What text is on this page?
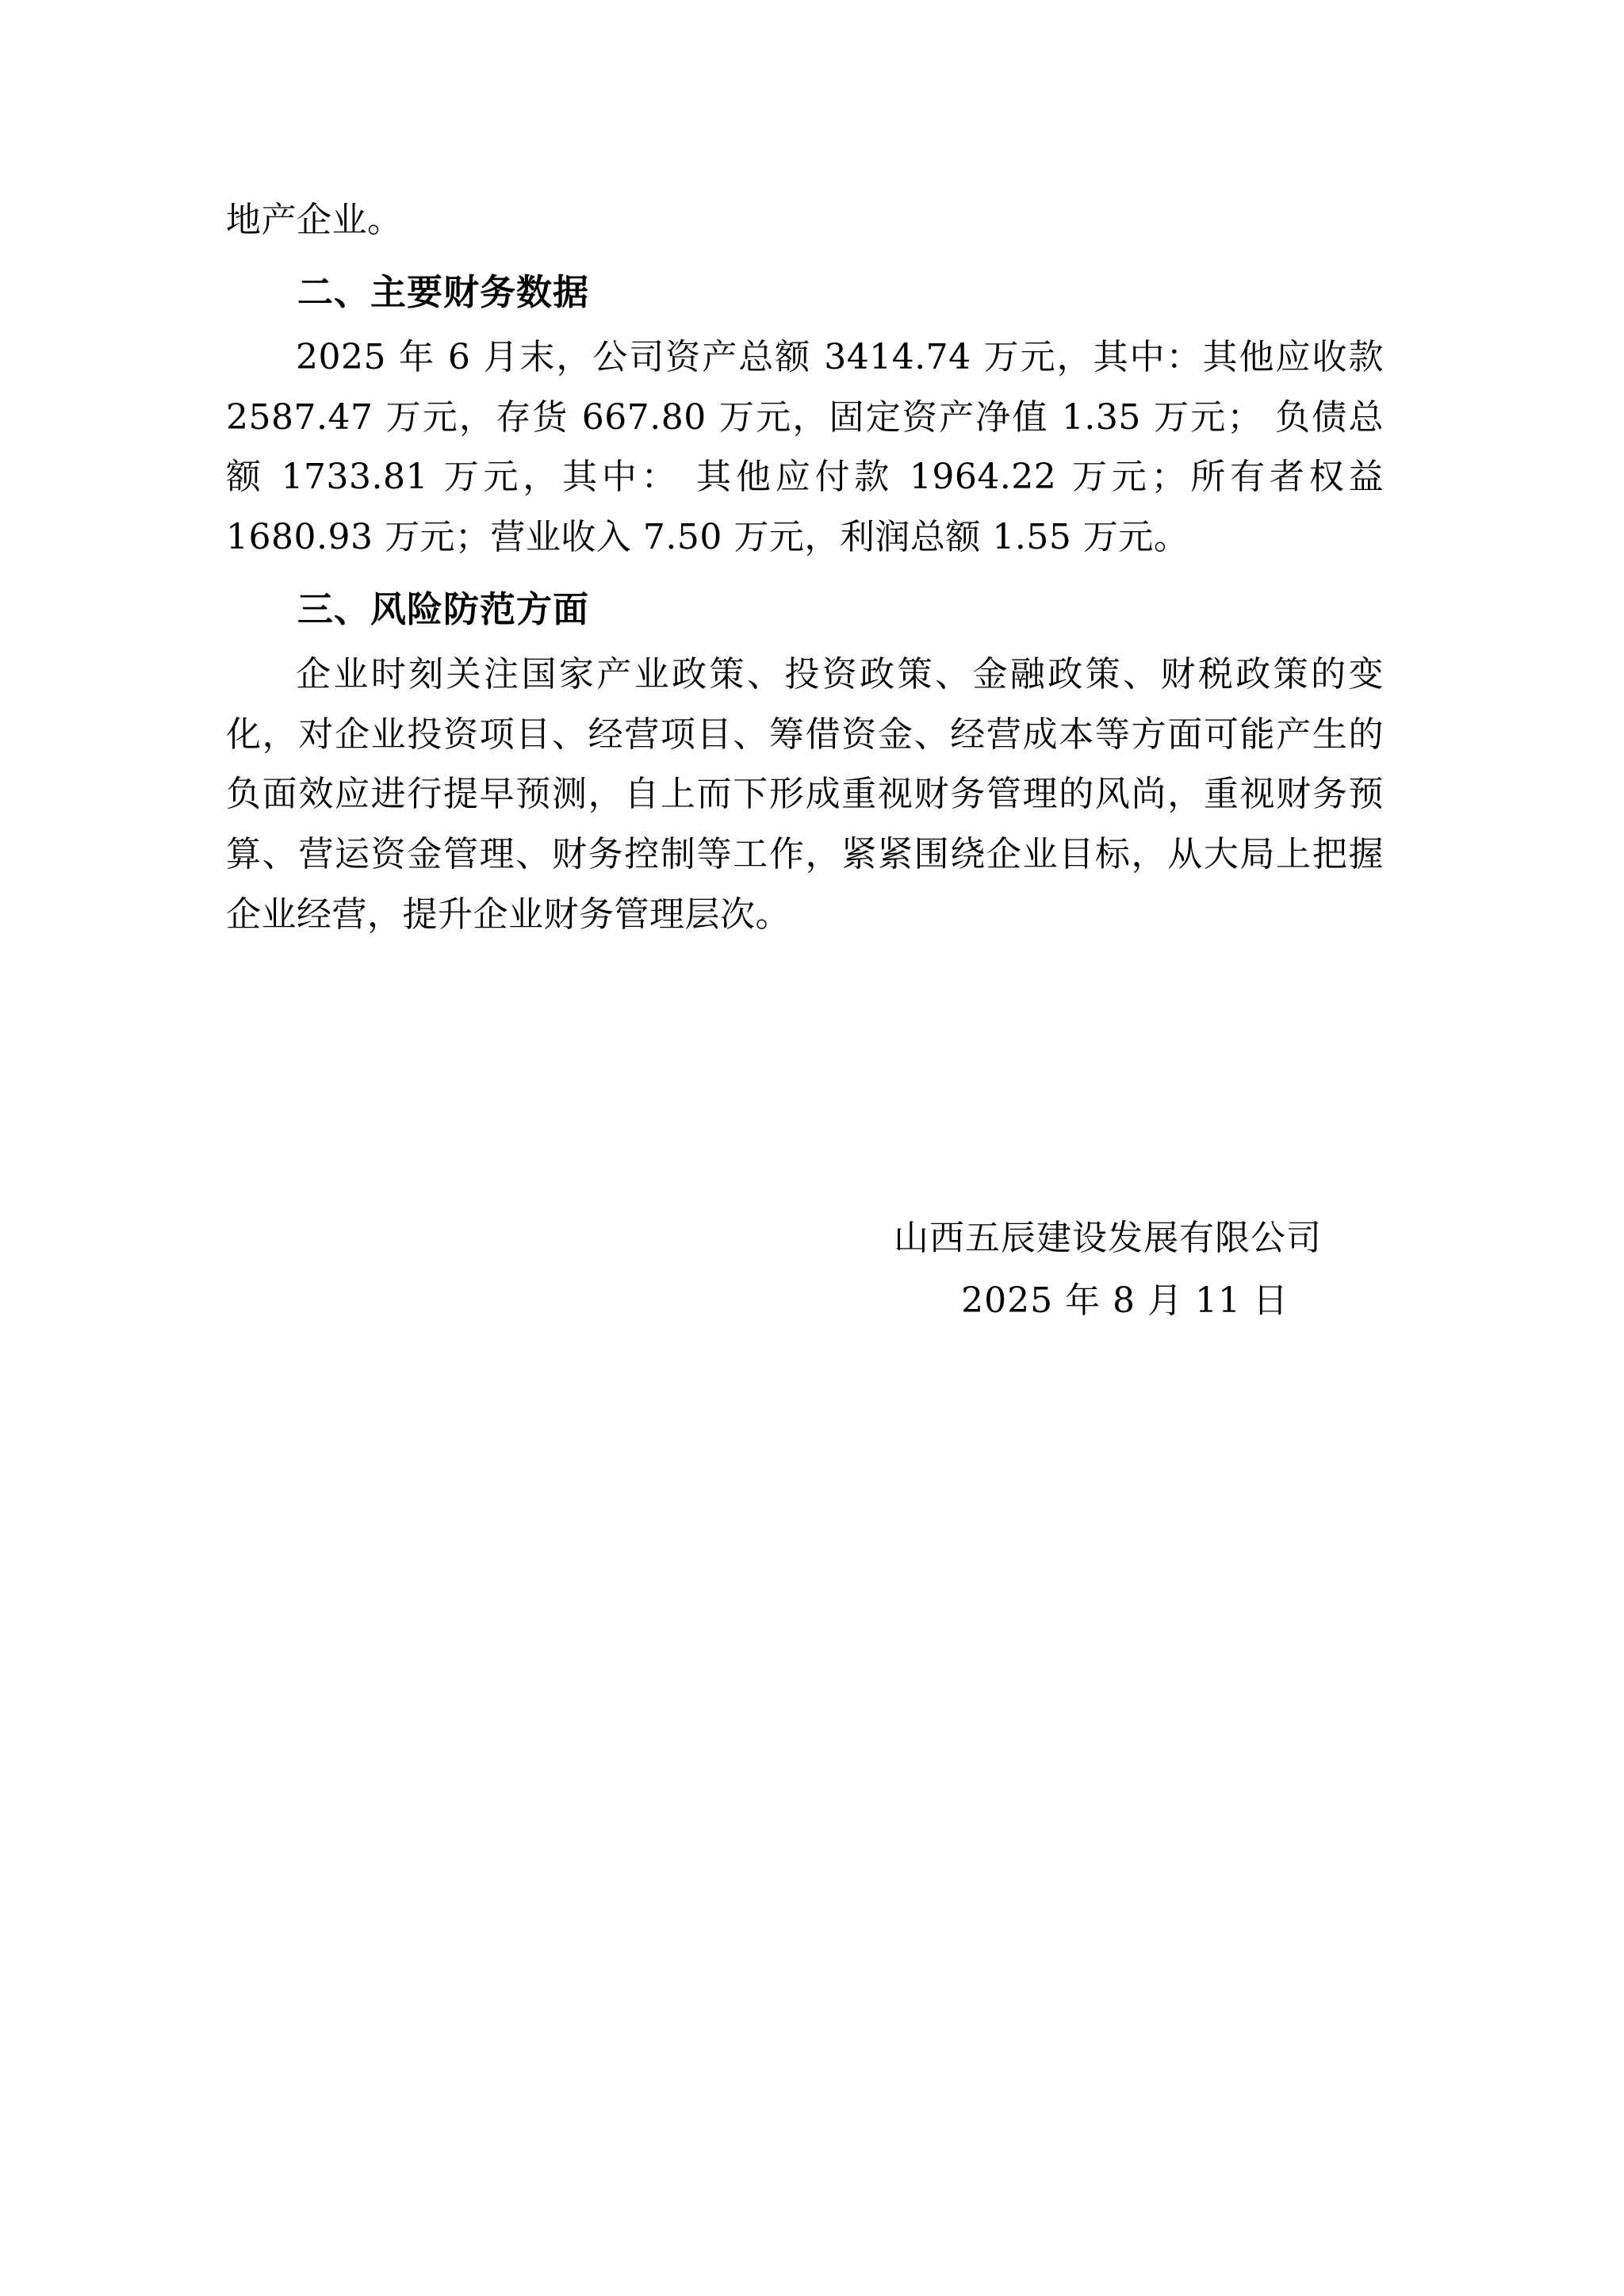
地产企业。

二、主要财务数据

2025 年 6 月末，公司资产总额 3414.74 万元，其中：其他应收款 2587.47 万元，存货 667.80 万元，固定资产净值 1.35 万元； 负债总额 1733.81 万元，其中： 其他应付款 1964.22 万元；所有者权益 1680.93 万元；营业收入 7.50 万元，利润总额 1.55 万元。

三、风险防范方面

企业时刻关注国家产业政策、投资政策、金融政策、财税政策的变化，对企业投资项目、经营项目、筹借资金、经营成本等方面可能产生的负面效应进行提早预测，自上而下形成重视财务管理的风尚，重视财务预算、营运资金管理、财务控制等工作，紧紧围绕企业目标，从大局上把握企业经营，提升企业财务管理层次。

山西五辰建设发展有限公司
2025 年 8 月 11 日
